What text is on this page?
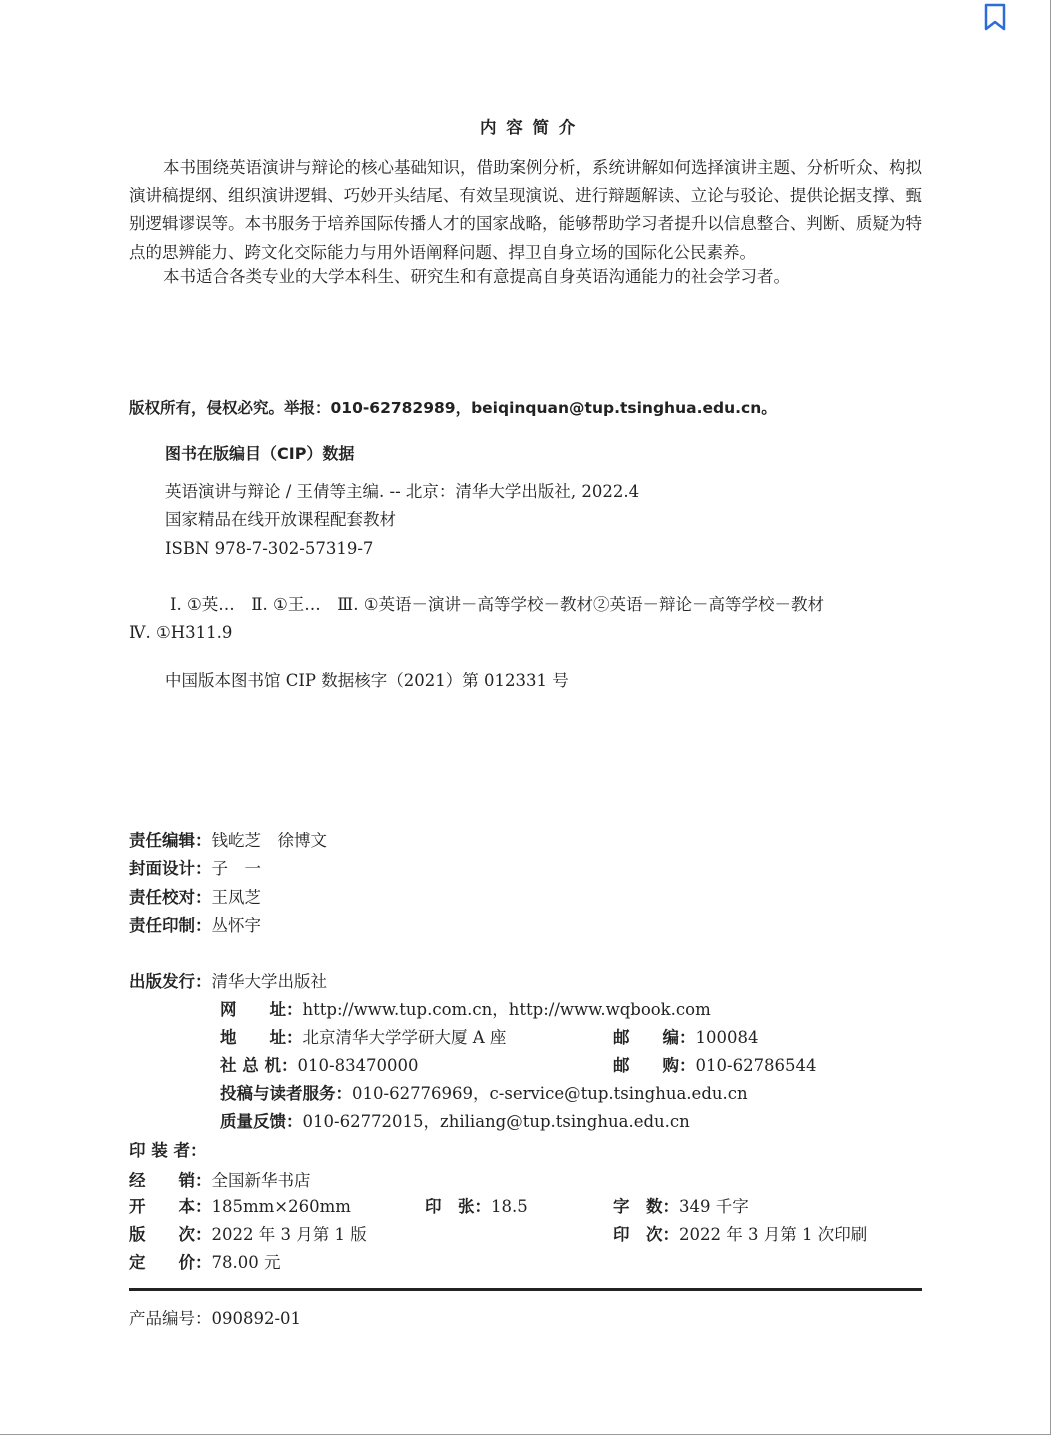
内 容 简 介
本书围绕英语演讲与辩论的核心基础知识，借助案例分析，系统讲解如何选择演讲主题、分析听众、构拟演讲稿提纲、组织演讲逻辑、巧妙开头结尾、有效呈现演说、进行辩题解读、立论与驳论、提供论据支撑、甄别逻辑谬误等。本书服务于培养国际传播人才的国家战略，能够帮助学习者提升以信息整合、判断、质疑为特点的思辨能力、跨文化交际能力与用外语阐释问题、捍卫自身立场的国际化公民素养。
本书适合各类专业的大学本科生、研究生和有意提高自身英语沟通能力的社会学习者。
版权所有，侵权必究。举报：010-62782989，beiqinquan@tup.tsinghua.edu.cn。
图书在版编目（CIP）数据
英语演讲与辩论 / 王倩等主编. -- 北京：清华大学出版社, 2022.4
国家精品在线开放课程配套教材
ISBN 978-7-302-57319-7
Ⅰ. ①英…　Ⅱ. ①王…　Ⅲ. ①英语－演讲－高等学校－教材②英语－辩论－高等学校－教材
Ⅳ. ①H311.9
中国版本图书馆 CIP 数据核字（2021）第 012331 号
责任编辑：钱屹芝　徐博文
封面设计：子　一
责任校对：王凤芝
责任印制：丛怀宇
出版发行：清华大学出版社
网　　址：http://www.tup.com.cn，http://www.wqbook.com
地　　址：北京清华大学学研大厦 A 座	邮　　编：100084
社 总 机：010-83470000	邮　　购：010-62786544
投稿与读者服务：010-62776969，c-service@tup.tsinghua.edu.cn
质量反馈：010-62772015，zhiliang@tup.tsinghua.edu.cn
印 装 者：
经　　销：全国新华书店
开　　本：185mm×260mm	印　张：18.5	字　数：349 千字
版　　次：2022 年 3 月第 1 版	印　次：2022 年 3 月第 1 次印刷
定　　价：78.00 元
产品编号：090892-01
